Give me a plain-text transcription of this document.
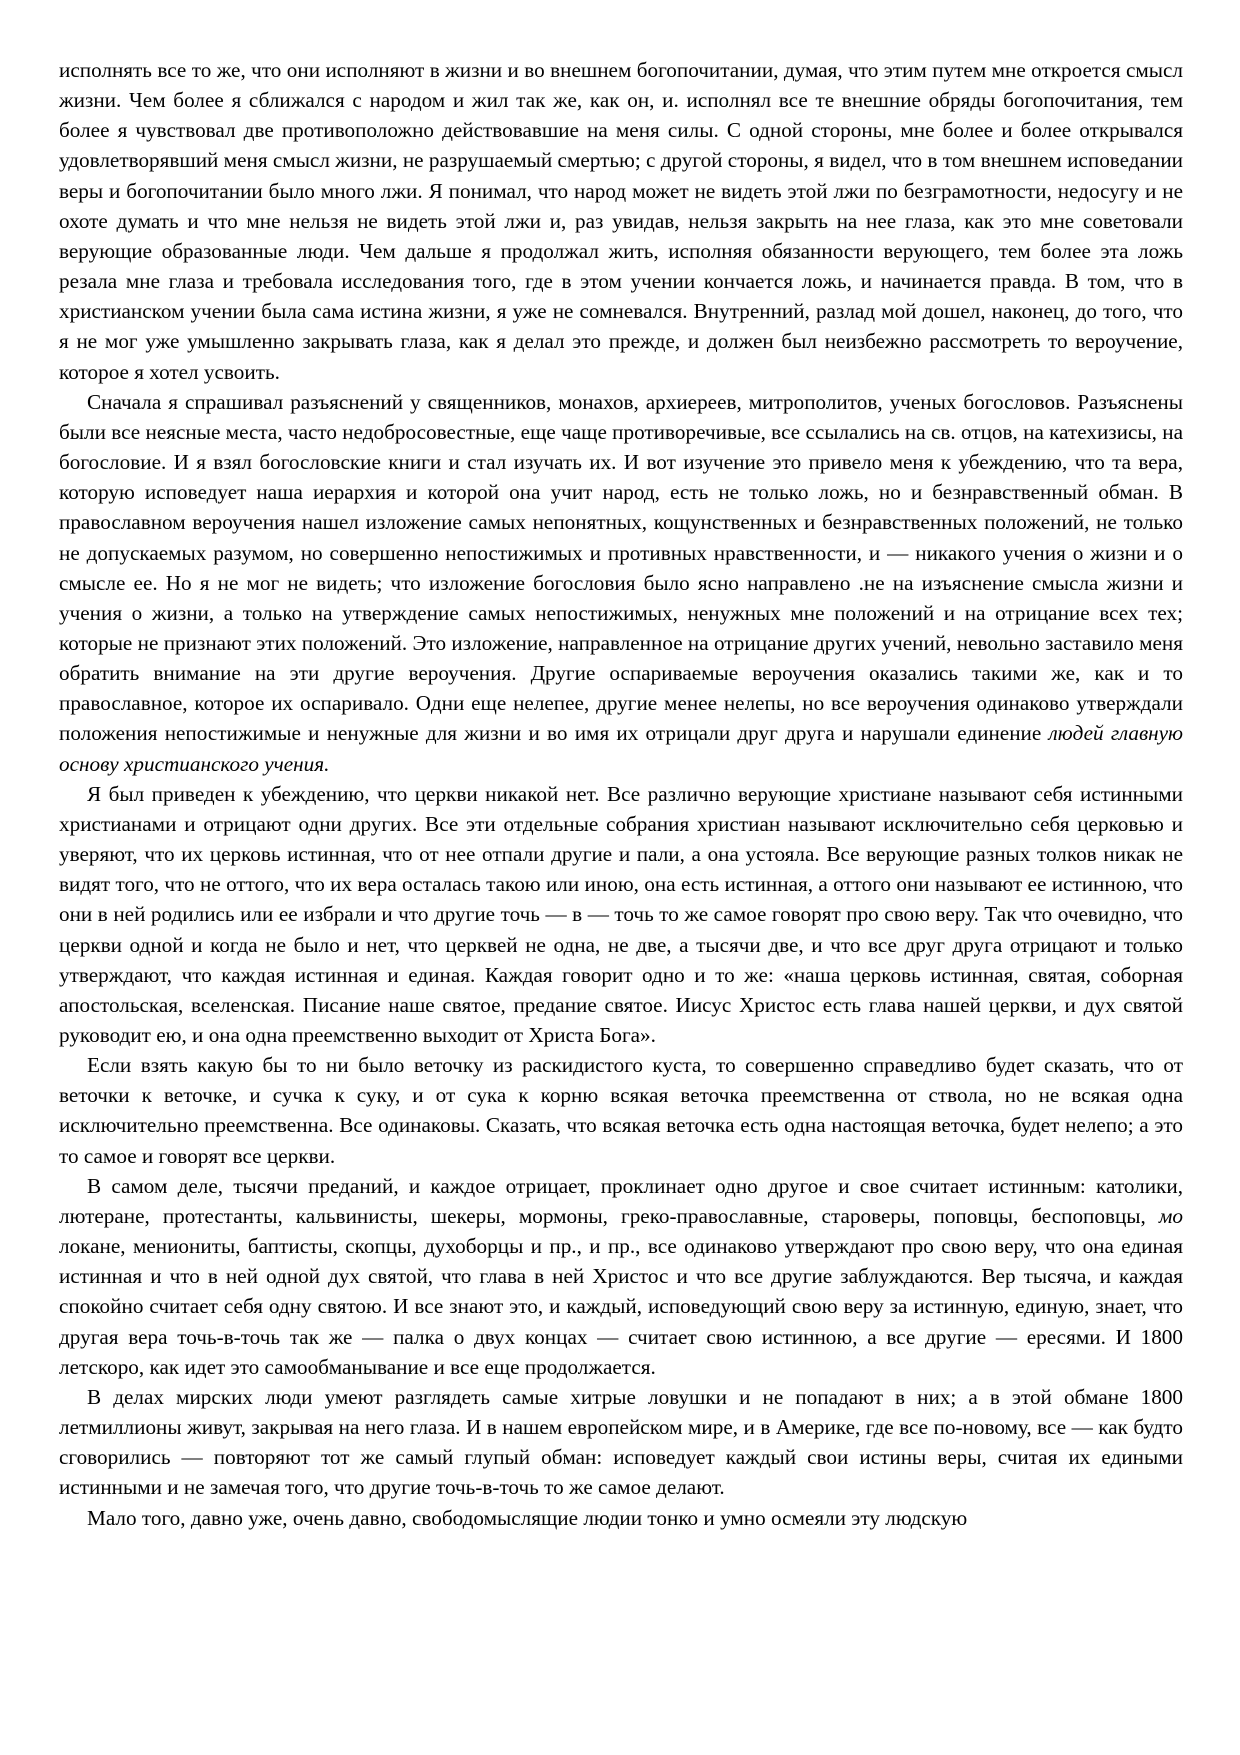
исполнять все то же, что они исполняют в жизни и во внешнем богопочитании, думая, что этим путем мне откроется смысл жизни. Чем более я сближался с народом и жил так же, как он, и. исполнял все те внешние обряды богопочитания, тем более я чувствовал две противоположно действовавшие на меня силы. С одной стороны, мне более и более открывался удовлетворявший меня смысл жизни, не разрушаемый смертью; с другой стороны, я видел, что в том внешнем исповедании веры и богопочитании было много лжи. Я понимал, что народ может не видеть этой лжи по безграмотности, недосугу и не охоте думать и что мне нельзя не видеть этой лжи и, раз увидав, нельзя закрыть на нее глаза, как это мне советовали верующие образованные люди. Чем дальше я продолжал жить, исполняя обязанности верующего, тем более эта ложь резала мне глаза и требовала исследования того, где в этом учении кончается ложь, и начинается правда. В том, что в христианском учении была сама истина жизни, я уже не сомневался. Внутренний, разлад мой дошел, наконец, до того, что я не мог уже умышленно закрывать глаза, как я делал это прежде, и должен был неизбежно рассмотреть то вероучение, которое я хотел усвоить.

Сначала я спрашивал разъяснений у священников, монахов, архиереев, митрополитов, ученых богословов. Разъяснены были все неясные места, часто недобросовестные, еще чаще противоречивые, все ссылались на св. отцов, на катехизисы, на богословие. И я взял богословские книги и стал изучать их. И вот изучение это привело меня к убеждению, что та вера, которую исповедует наша иерархия и которой она учит народ, есть не только ложь, но и безнравственный обман. В православном вероучения нашел изложение самых непонятных, кощунственных и безнравственных положений, не только не допускаемых разумом, но совершенно непостижимых и противных нравственности, и — никакого учения о жизни и о смысле ее. Но я не мог не видеть; что изложение богословия было ясно направлено .не на изъяснение смысла жизни и учения о жизни, а только на утверждение самых непостижимых, ненужных мне положений и на отрицание всех тех; которые не признают этих положений. Это изложение, направленное на отрицание других учений, невольно заставило меня обратить внимание на эти другие вероучения. Другие оспариваемые вероучения оказались такими же, как и то православное, которое их оспаривало. Одни еще нелепее, другие менее нелепы, но все вероучения одинаково утверждали положения непостижимые и ненужные для жизни и во имя их отрицали друг друга и нарушали единение людей главную основу христианского учения.

Я был приведен к убеждению, что церкви никакой нет. Все различно верующие христиане называют себя истинными христианами и отрицают одни других. Все эти отдельные собрания христиан называют исключительно себя церковью и уверяют, что их церковь истинная, что от нее отпали другие и пали, а она устояла. Все верующие разных толков никак не видят того, что не оттого, что их вера осталась такою или иною, она есть истинная, а оттого они называют ее истинною, что они в ней родились или ее избрали и что другие точь — в — точь то же самое говорят про свою веру. Так что очевидно, что церкви одной и когда не было и нет, что церквей не одна, не две, а тысячи две, и что все друг друга отрицают и только утверждают, что каждая истинная и единая. Каждая говорит одно и то же: «наша церковь истинная, святая, соборная апостольская, вселенская. Писание наше святое, предание святое. Иисус Христос есть глава нашей церкви, и дух святой руководит ею, и она одна преемственно выходит от Христа Бога».

Если взять какую бы то ни было веточку из раскидистого куста, то совершенно справедливо будет сказать, что от веточки к веточке, и сучка к суку, и от сука к корню всякая веточка преемственна от ствола, но не всякая одна исключительно преемственна. Все одинаковы. Сказать, что всякая веточка есть одна настоящая веточка, будет нелепо; а это то самое и говорят все церкви.

В самом деле, тысячи преданий, и каждое отрицает, проклинает одно другое и свое считает истинным: католики, лютеране, протестанты, кальвинисты, шекеры, мормоны, греко-православные, староверы, поповцы, беспоповцы, мо локане, мениониты, баптисты, скопцы, духоборцы и пр., и пр., все одинаково утверждают про свою веру, что она единая истинная и что в ней одной дух святой, что глава в ней Христос и что все другие заблуждаются. Вер тысяча, и каждая спокойно считает себя одну святою. И все знают это, и каждый, исповедующий свою веру за истинную, единую, знает, что другая вера точь-в-точь так же — палка о двух концах — считает свою истинною, а все другие — ересями. И 1800 летскоро, как идет это самообманывание и все еще продолжается.

В делах мирских люди умеют разглядеть самые хитрые ловушки и не попадают в них; а в этой обмане 1800 летмиллионы живут, закрывая на него глаза. И в нашем европейском мире, и в Америке, где все по-новому, все — как будто сговорились — повторяют тот же самый глупый обман: исповедует каждый свои истины веры, считая их едиными истинными и не замечая того, что другие точь-в-точь то же самое делают.

Мало того, давно уже, очень давно, свободомыслящие людии тонко и умно осмеяли эту людскую
